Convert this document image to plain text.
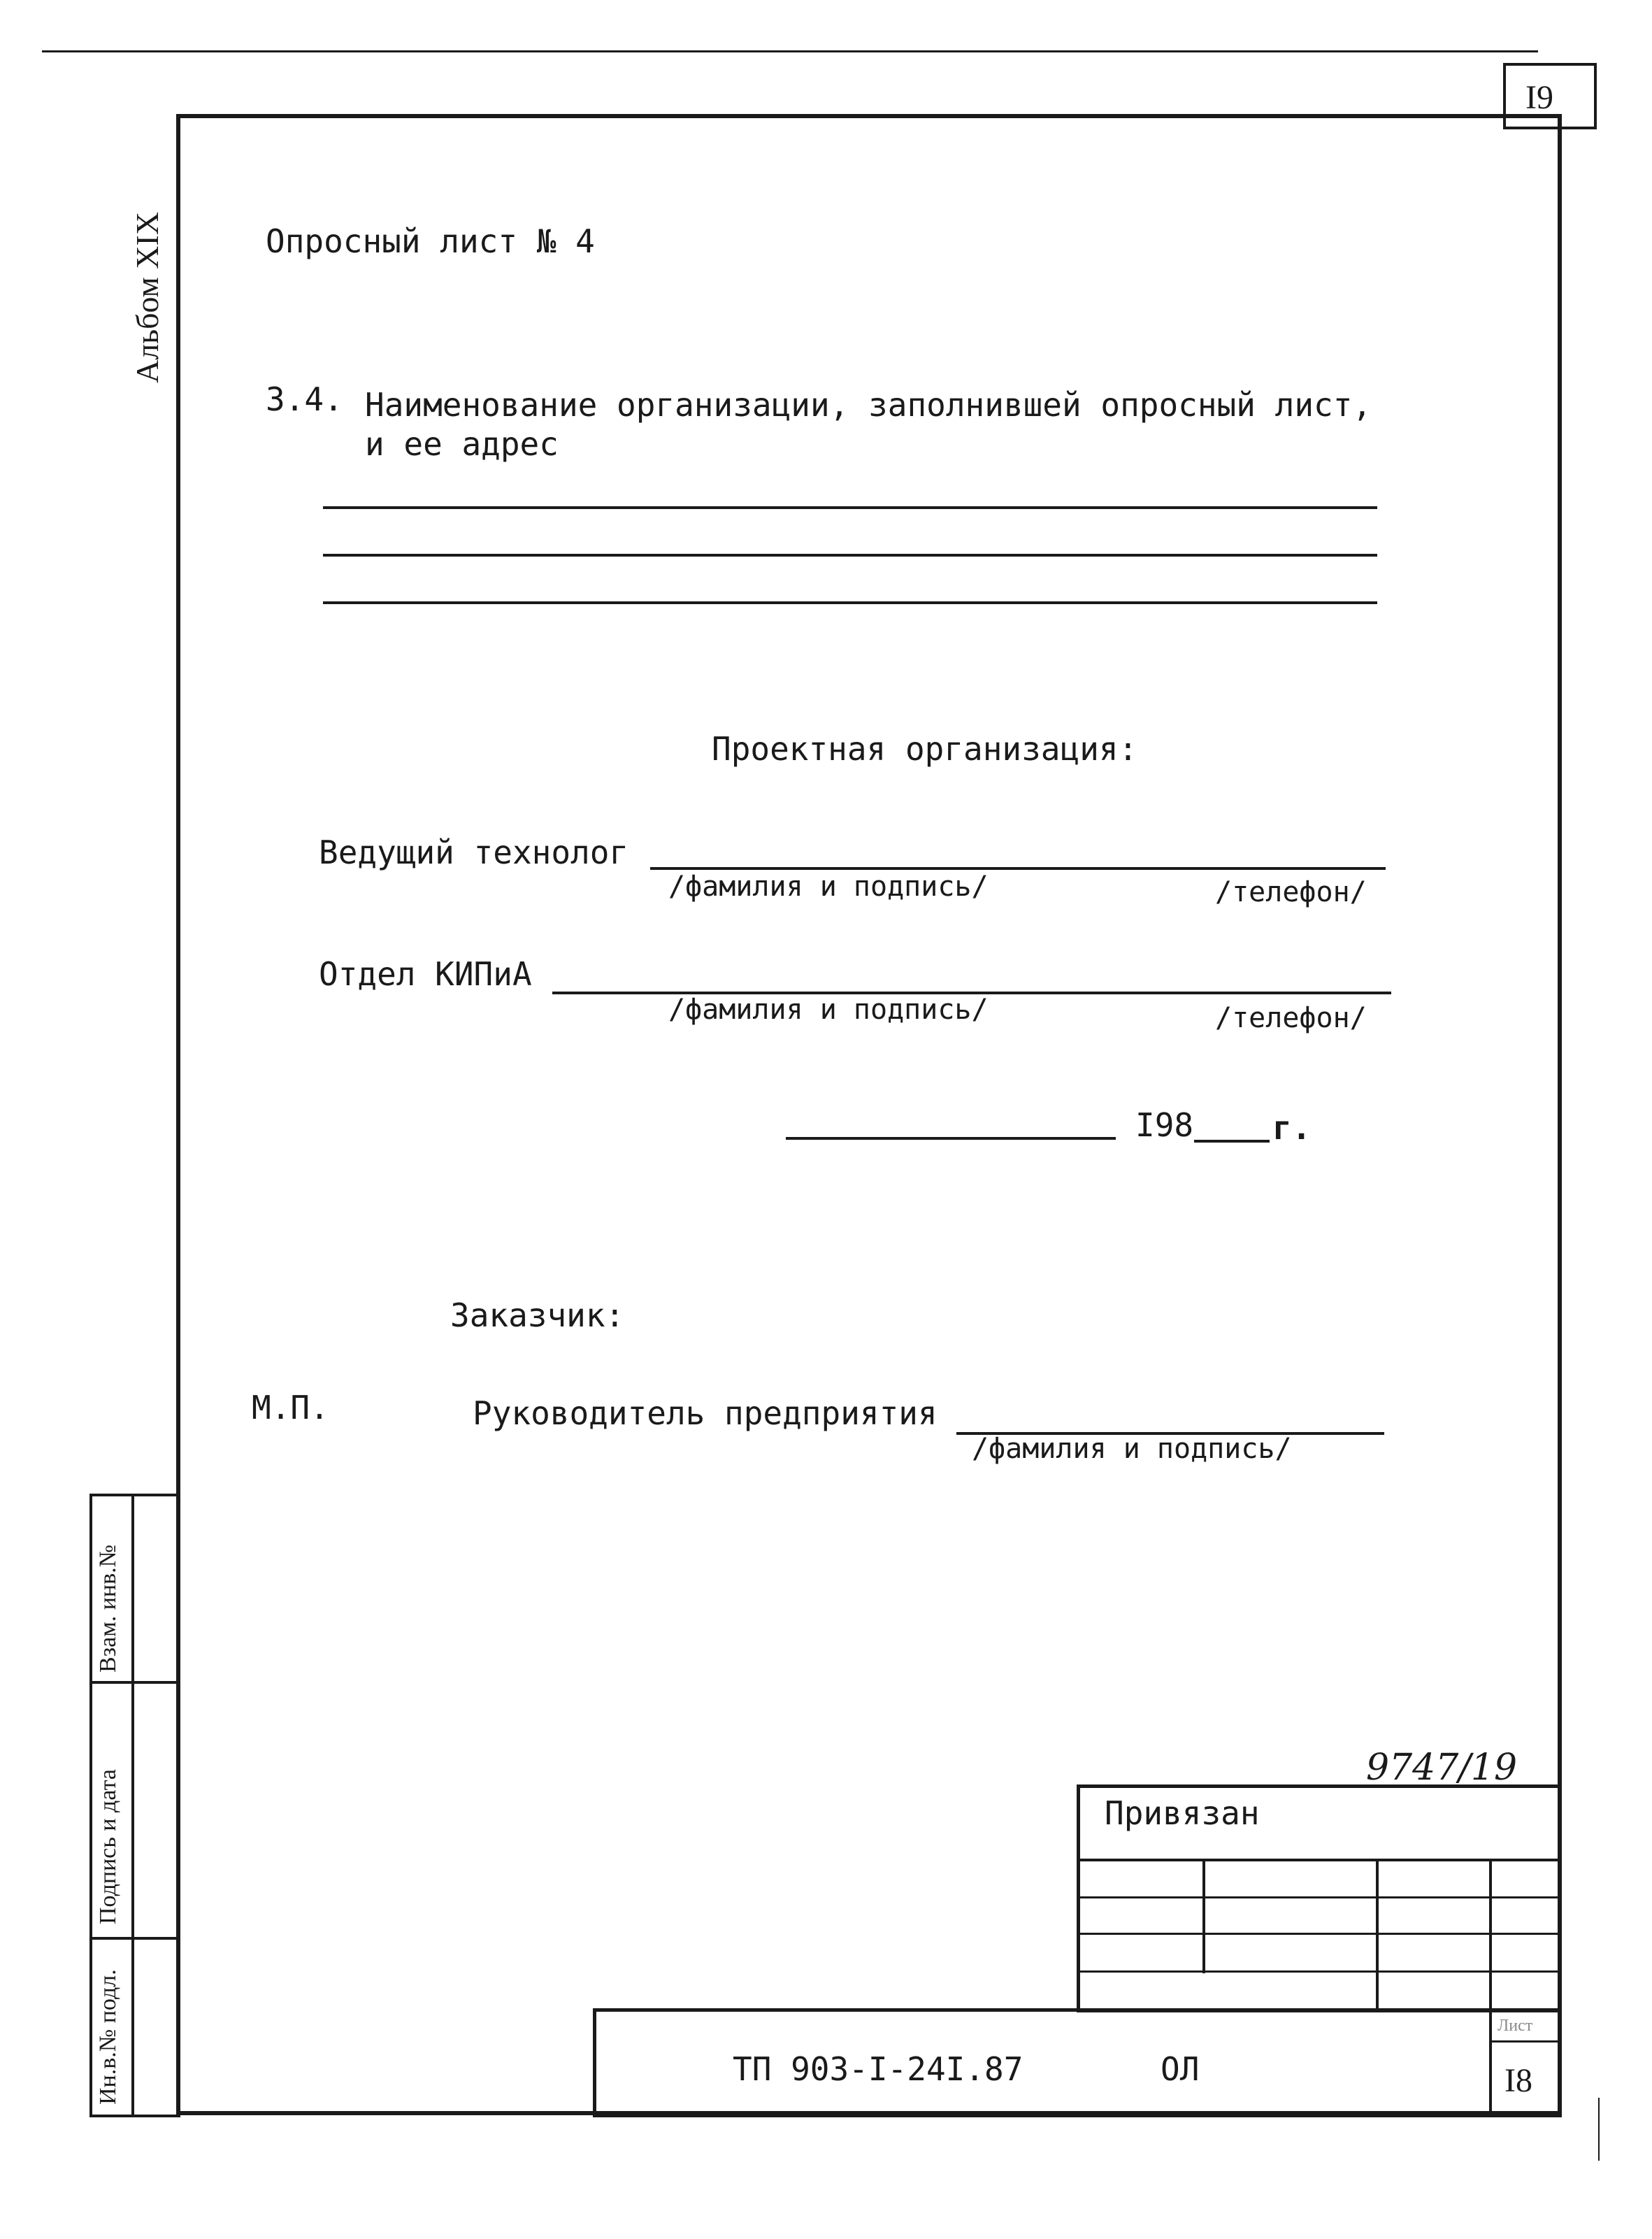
I9
Альбом XIX	Опросный лист № 4
3.4. Наименование организации, заполнившей опросный лист,
и ее адрес
Проектная организация:
Ведущий технолог
/фамилия и подпись/	/телефон/
Отдел КИПиА
/фамилия и подпись/	/телефон/
I98 г.
Заказчик:
М.П.	Руководитель предприятия
/фамилия и подпись/
Взам. инв.№
Подпись и дата
Ин.в.№ подл.
9747/19
Привязан
ТП 903-I-24I.87	ОЛ
Лист
I8
